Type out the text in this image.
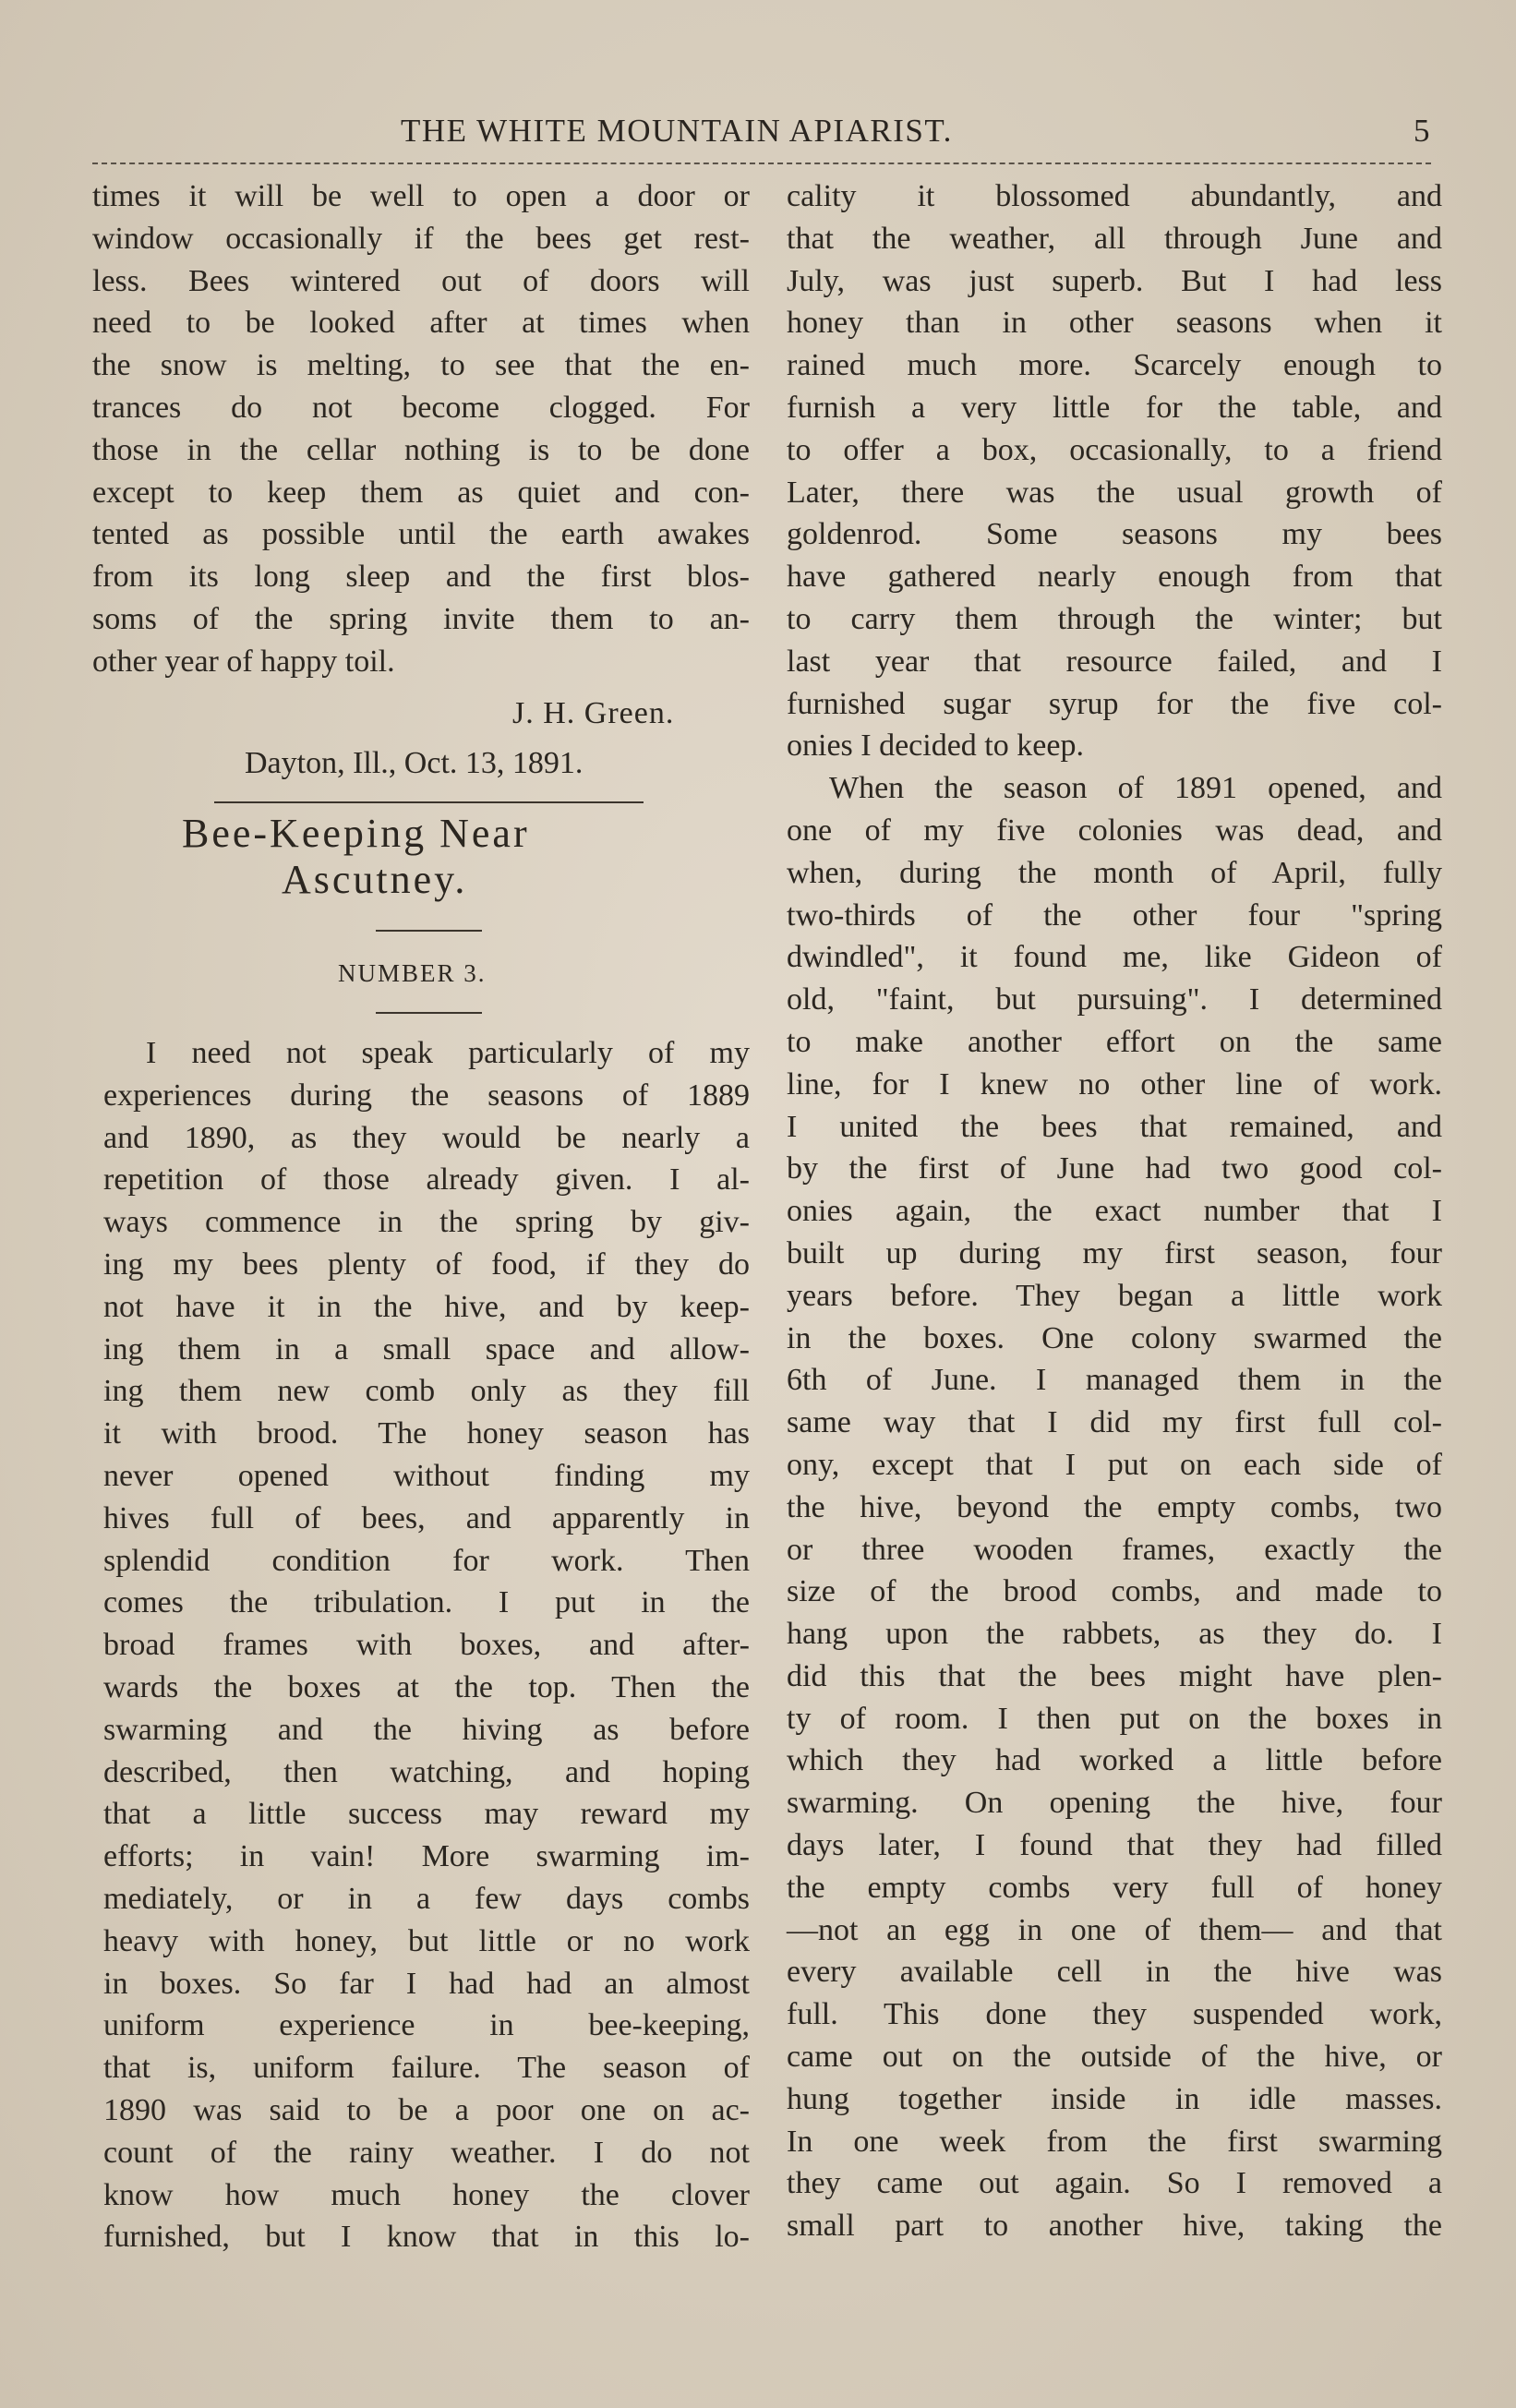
THE WHITE MOUNTAIN APIARIST.	5
times it will be well to open a door or
window occasionally if the bees get rest-
less. Bees wintered out of doors will
need to be looked after at times when
the snow is melting, to see that the en-
trances do not become clogged. For
those in the cellar nothing is to be done
except to keep them as quiet and con-
tented as possible until the earth awakes
from its long sleep and the first blos-
soms of the spring invite them to an-
other year of happy toil.
J. H. Green.
Dayton, Ill., Oct. 13, 1891.
Bee-Keeping Near
Ascutney.
NUMBER 3.
I need not speak particularly of my
experiences during the seasons of 1889
and 1890, as they would be nearly a
repetition of those already given. I al-
ways commence in the spring by giv-
ing my bees plenty of food, if they do
not have it in the hive, and by keep-
ing them in a small space and allow-
ing them new comb only as they fill
it with brood. The honey season has
never opened without finding my
hives full of bees, and apparently in
splendid condition for work. Then
comes the tribulation. I put in the
broad frames with boxes, and after-
wards the boxes at the top. Then the
swarming and the hiving as before
described, then watching, and hoping
that a little success may reward my
efforts; in vain! More swarming im-
mediately, or in a few days combs
heavy with honey, but little or no work
in boxes. So far I had had an almost
uniform experience in bee-keeping,
that is, uniform failure. The season of
1890 was said to be a poor one on ac-
count of the rainy weather. I do not
know how much honey the clover
furnished, but I know that in this lo-
cality it blossomed abundantly, and
that the weather, all through June and
July, was just superb. But I had less
honey than in other seasons when it
rained much more. Scarcely enough to
furnish a very little for the table, and
to offer a box, occasionally, to a friend
Later, there was the usual growth of
goldenrod. Some seasons my bees
have gathered nearly enough from that
to carry them through the winter; but
last year that resource failed, and I
furnished sugar syrup for the five col-
onies I decided to keep.
When the season of 1891 opened, and
one of my five colonies was dead, and
when, during the month of April, fully
two-thirds of the other four "spring
dwindled", it found me, like Gideon of
old, "faint, but pursuing". I determined
to make another effort on the same
line, for I knew no other line of work.
I united the bees that remained, and
by the first of June had two good col-
onies again, the exact number that I
built up during my first season, four
years before. They began a little work
in the boxes. One colony swarmed the
6th of June. I managed them in the
same way that I did my first full col-
ony, except that I put on each side of
the hive, beyond the empty combs, two
or three wooden frames, exactly the
size of the brood combs, and made to
hang upon the rabbets, as they do. I
did this that the bees might have plen-
ty of room. I then put on the boxes in
which they had worked a little before
swarming. On opening the hive, four
days later, I found that they had filled
the empty combs very full of honey
—not an egg in one of them— and that
every available cell in the hive was
full. This done they suspended work,
came out on the outside of the hive, or
hung together inside in idle masses.
In one week from the first swarming
they came out again. So I removed a
small part to another hive, taking the
